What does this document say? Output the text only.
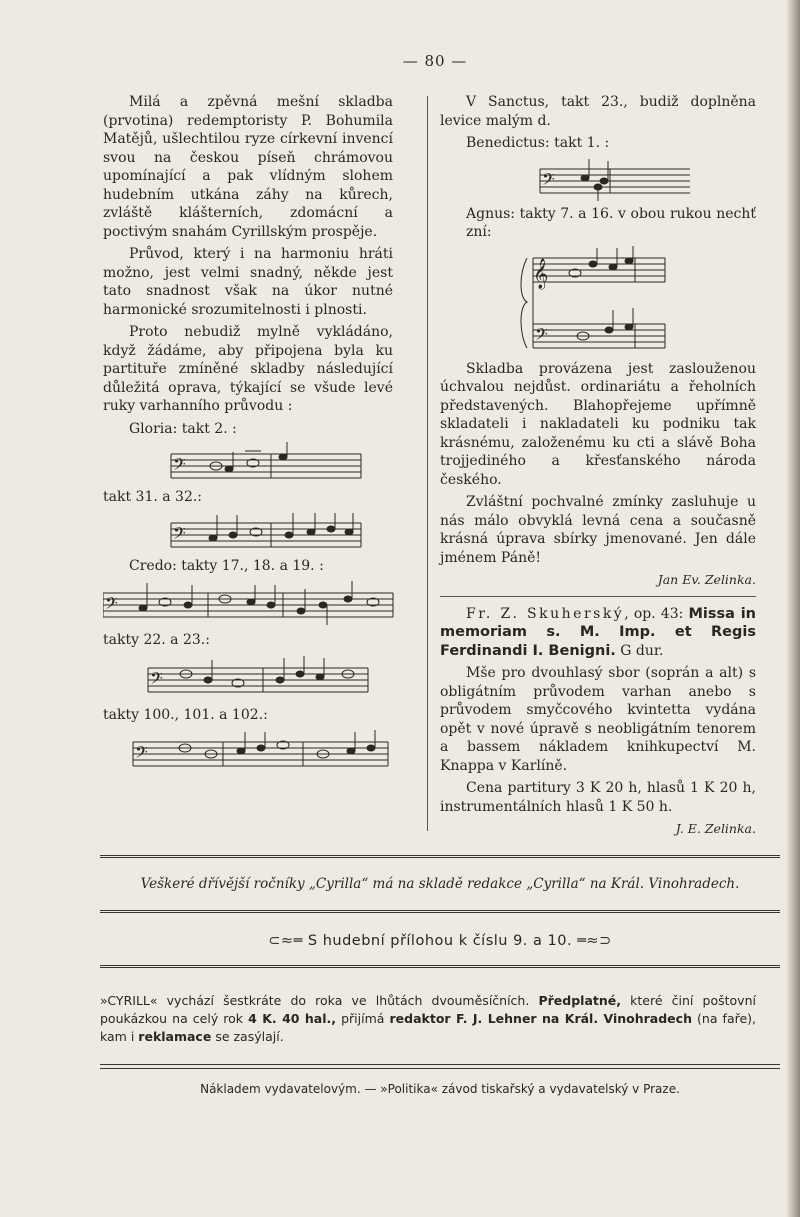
— 80 —

Milá a zpěvná mešní skladba (prvotina) redemptoristy P. Bohumila Matějů, ušlechtilou ryze církevní invencí svou na českou píseň chrámovou upomínající a pak vlídným slohem hudebním utkána záhy na kůrech, zvláště klášterních, zdomácní a poctivým snahám Cyrillským prospěje.

Průvod, který i na harmoniu hráti možno, jest velmi snadný, někde jest tato snadnost však na úkor nutné harmonické srozumitelnosti i plnosti.

Proto nebudiž mylně vykládáno, když žádáme, aby připojena byla ku partituře zmíněné skladby následující důležitá oprava, týkající se všude levé ruky varhanního průvodu :

Gloria: takt 2. :
𝄢
takt 31. a 32.:
𝄢
Credo: takty 17., 18. a 19. :
𝄢
takty 22. a 23.:
𝄢
takty 100., 101. a 102.:
𝄢

V Sanctus, takt 23., budiž doplněna levice malým d.

Benedictus: takt 1. :
𝄢
Agnus: takty 7. a 16. v obou rukou nechť zní:
𝄞
𝄢

Skladba provázena jest zaslouženou úchvalou nejdůst. ordinariátu a řeholních představených. Blahopřejeme upřímně skladateli i nakladateli ku podniku tak krásnému, založenému ku cti a slávě Boha trojjediného a křesťanského národa českého.

Zvláštní pochvalné zmínky zasluhuje u nás málo obvyklá levná cena a současně krásná úprava sbírky jmenované. Jen dále jménem Páně!

Jan Ev. Zelinka.

Fr. Z. Skuherský, op. 43: Missa in memoriam s. M. Imp. et Regis Ferdinandi I. Benigni. G dur.

Mše pro dvouhlasý sbor (soprán a alt) s obligátním průvodem varhan anebo s průvodem smyčcového kvintetta vydána opět v nové úpravě s neobligátním tenorem a bassem nákladem knihkupectví M. Knappa v Karlíně.

Cena partitury 3 K 20 h, hlasů 1 K 20 h, instrumentálních hlasů 1 K 50 h.

J. E. Zelinka.
Veškeré dřívější ročníky „Cyrilla“ má na skladě redakce „Cyrilla“ na Král. Vinohradech.
⊂≈═ S hudební přílohou k číslu 9. a 10. ═≈⊃
»CYRILL« vychází šestkráte do roka ve lhůtách dvouměsíčních. Předplatné, které činí poštovní poukázkou na celý rok 4 K. 40 hal., přijímá redaktor F. J. Lehner na Král. Vinohradech (na faře), kam i reklamace se zasýlají.
Nákladem vydavatelovým. — »Politika« závod tiskařský a vydavatelský v Praze.
